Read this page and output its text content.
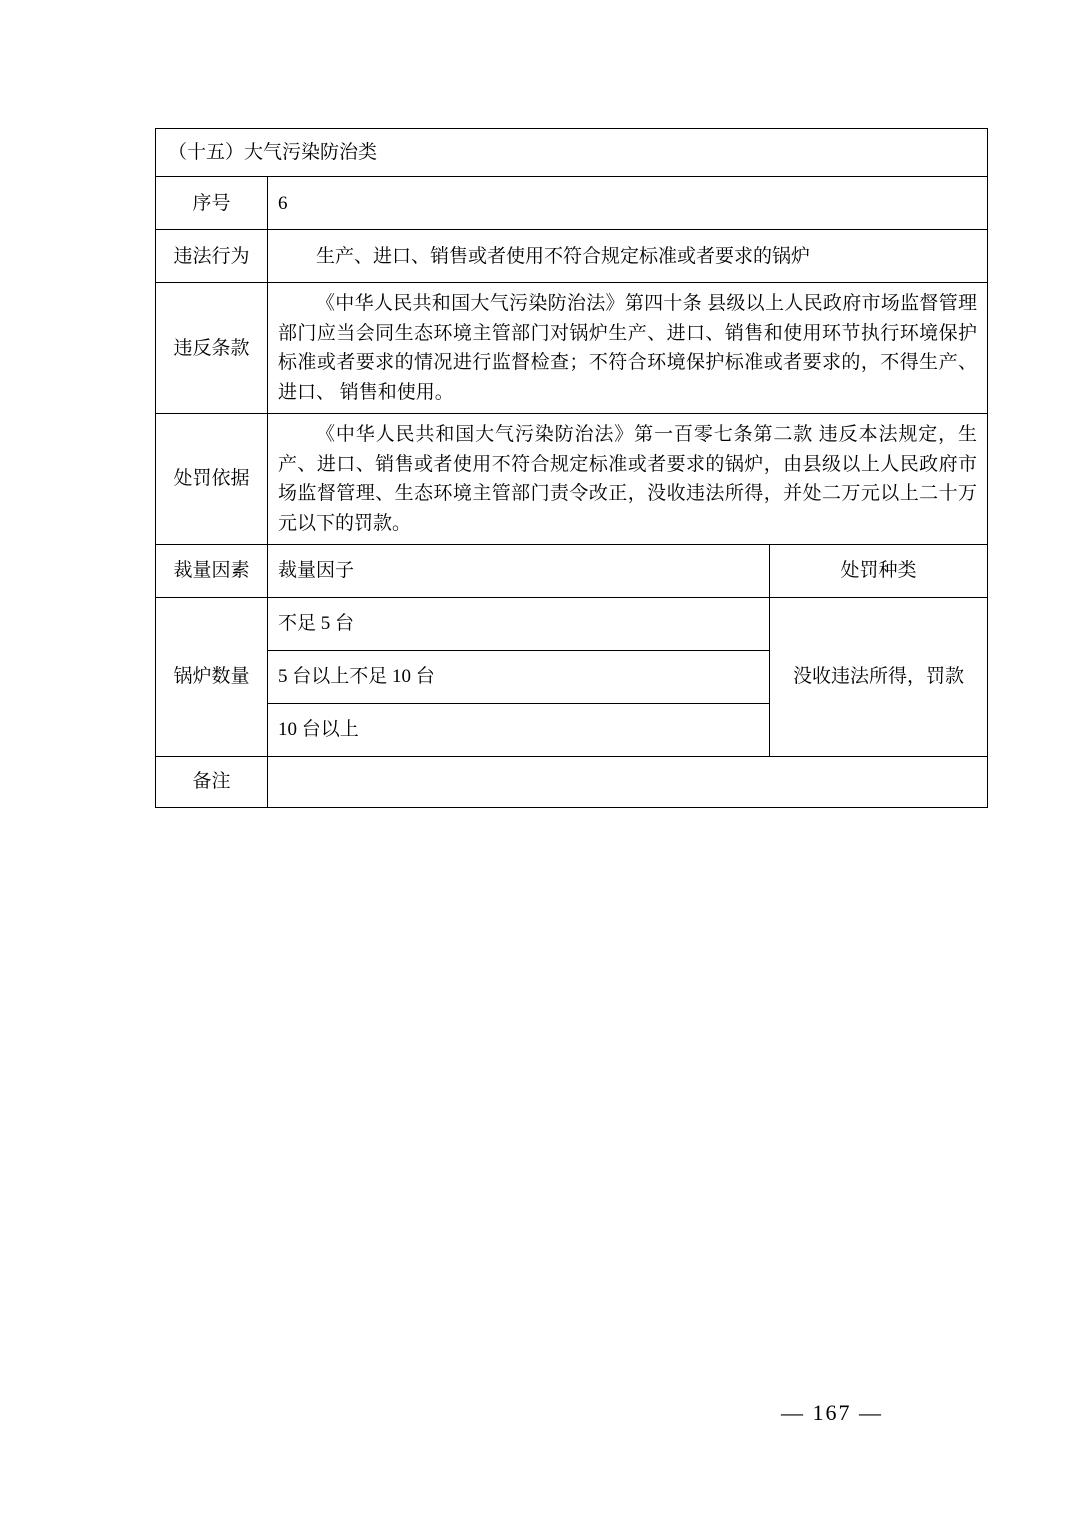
（十五）大气污染防治类		
序号	6	
违法行为	生产、进口、销售或者使用不符合规定标准或者要求的锅炉	
违反条款	《中华人民共和国大气污染防治法》第四十条 县级以上人民政府市场监督管理部门应当会同生态环境主管部门对锅炉生产、进口、销售和使用环节执行环境保护标准或者要求的情况进行监督检查；不符合环境保护标准或者要求的，不得生产、进口、 销售和使用。	
处罚依据	《中华人民共和国大气污染防治法》第一百零七条第二款 违反本法规定，生产、进口、销售或者使用不符合规定标准或者要求的锅炉，由县级以上人民政府市场监督管理、生态环境主管部门责令改正，没收违法所得，并处二万元以上二十万元以下的罚款。	
裁量因素	裁量因子	处罚种类
锅炉数量	不足 5 台	没收违法所得，罚款
	5 台以上不足 10 台	
	10 台以上	
备注		
— 167 —
